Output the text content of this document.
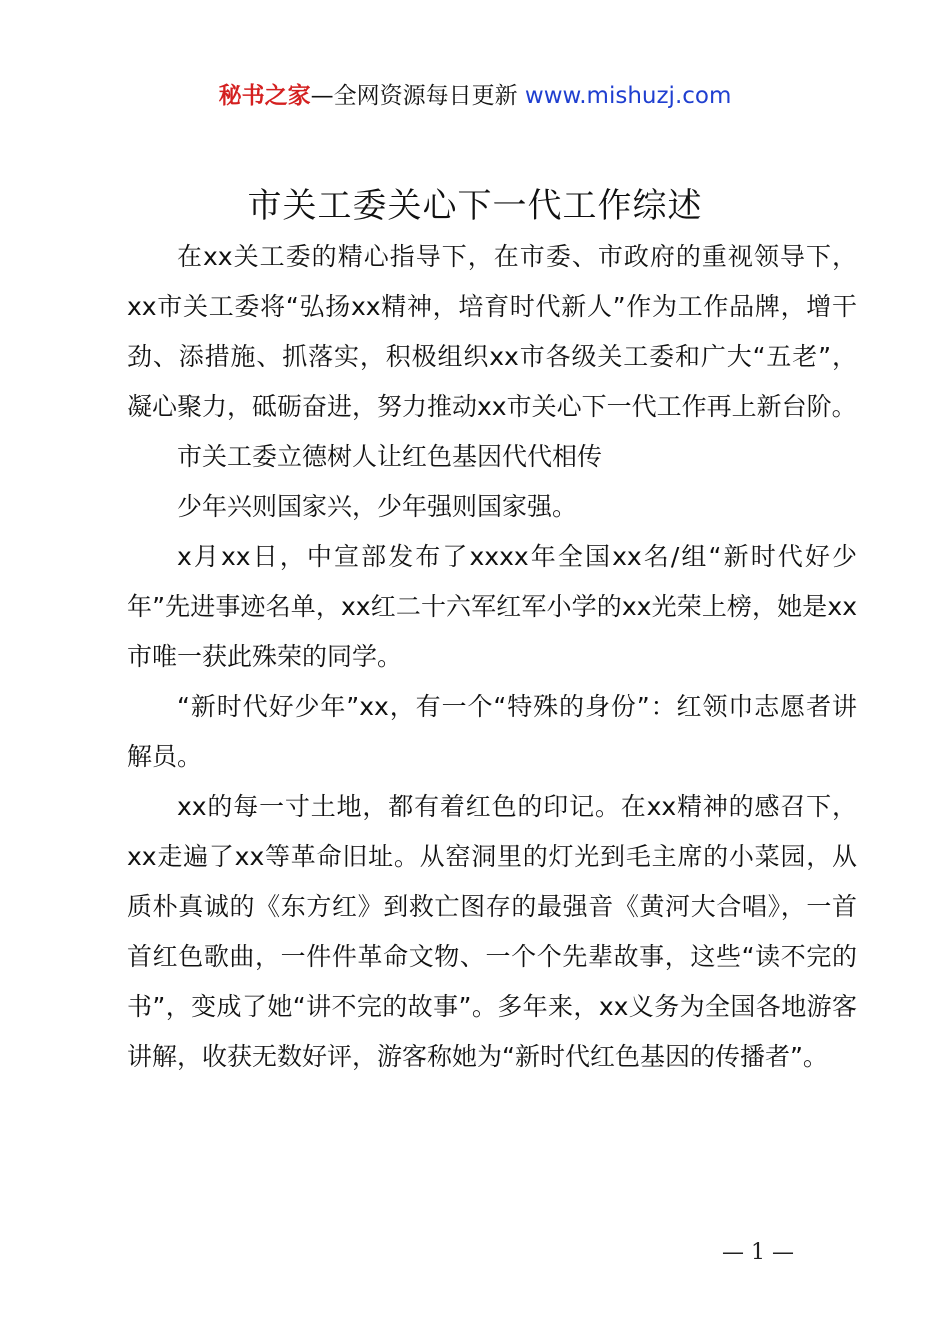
秘书之家—全网资源每日更新 www.mishuzj.com
市关工委关心下一代工作综述

在xx关工委的精心指导下，在市委、市政府的重视领导下，xx市关工委将“弘扬xx精神，培育时代新人”作为工作品牌，增干劲、添措施、抓落实，积极组织xx市各级关工委和广大“五老”，凝心聚力，砥砺奋进，努力推动xx市关心下一代工作再上新台阶。

市关工委立德树人让红色基因代代相传

少年兴则国家兴，少年强则国家强。

x月xx日，中宣部发布了xxxx年全国xx名/组“新时代好少年”先进事迹名单，xx红二十六军红军小学的xx光荣上榜，她是xx市唯一获此殊荣的同学。

“新时代好少年”xx，有一个“特殊的身份”：红领巾志愿者讲解员。

xx的每一寸土地，都有着红色的印记。在xx精神的感召下，xx走遍了xx等革命旧址。从窑洞里的灯光到毛主席的小菜园，从质朴真诚的《东方红》到救亡图存的最强音《黄河大合唱》，一首首红色歌曲，一件件革命文物、一个个先辈故事，这些“读不完的书”，变成了她“讲不完的故事”。多年来，xx义务为全国各地游客讲解，收获无数好评，游客称她为“新时代红色基因的传播者”。

— 1 —
